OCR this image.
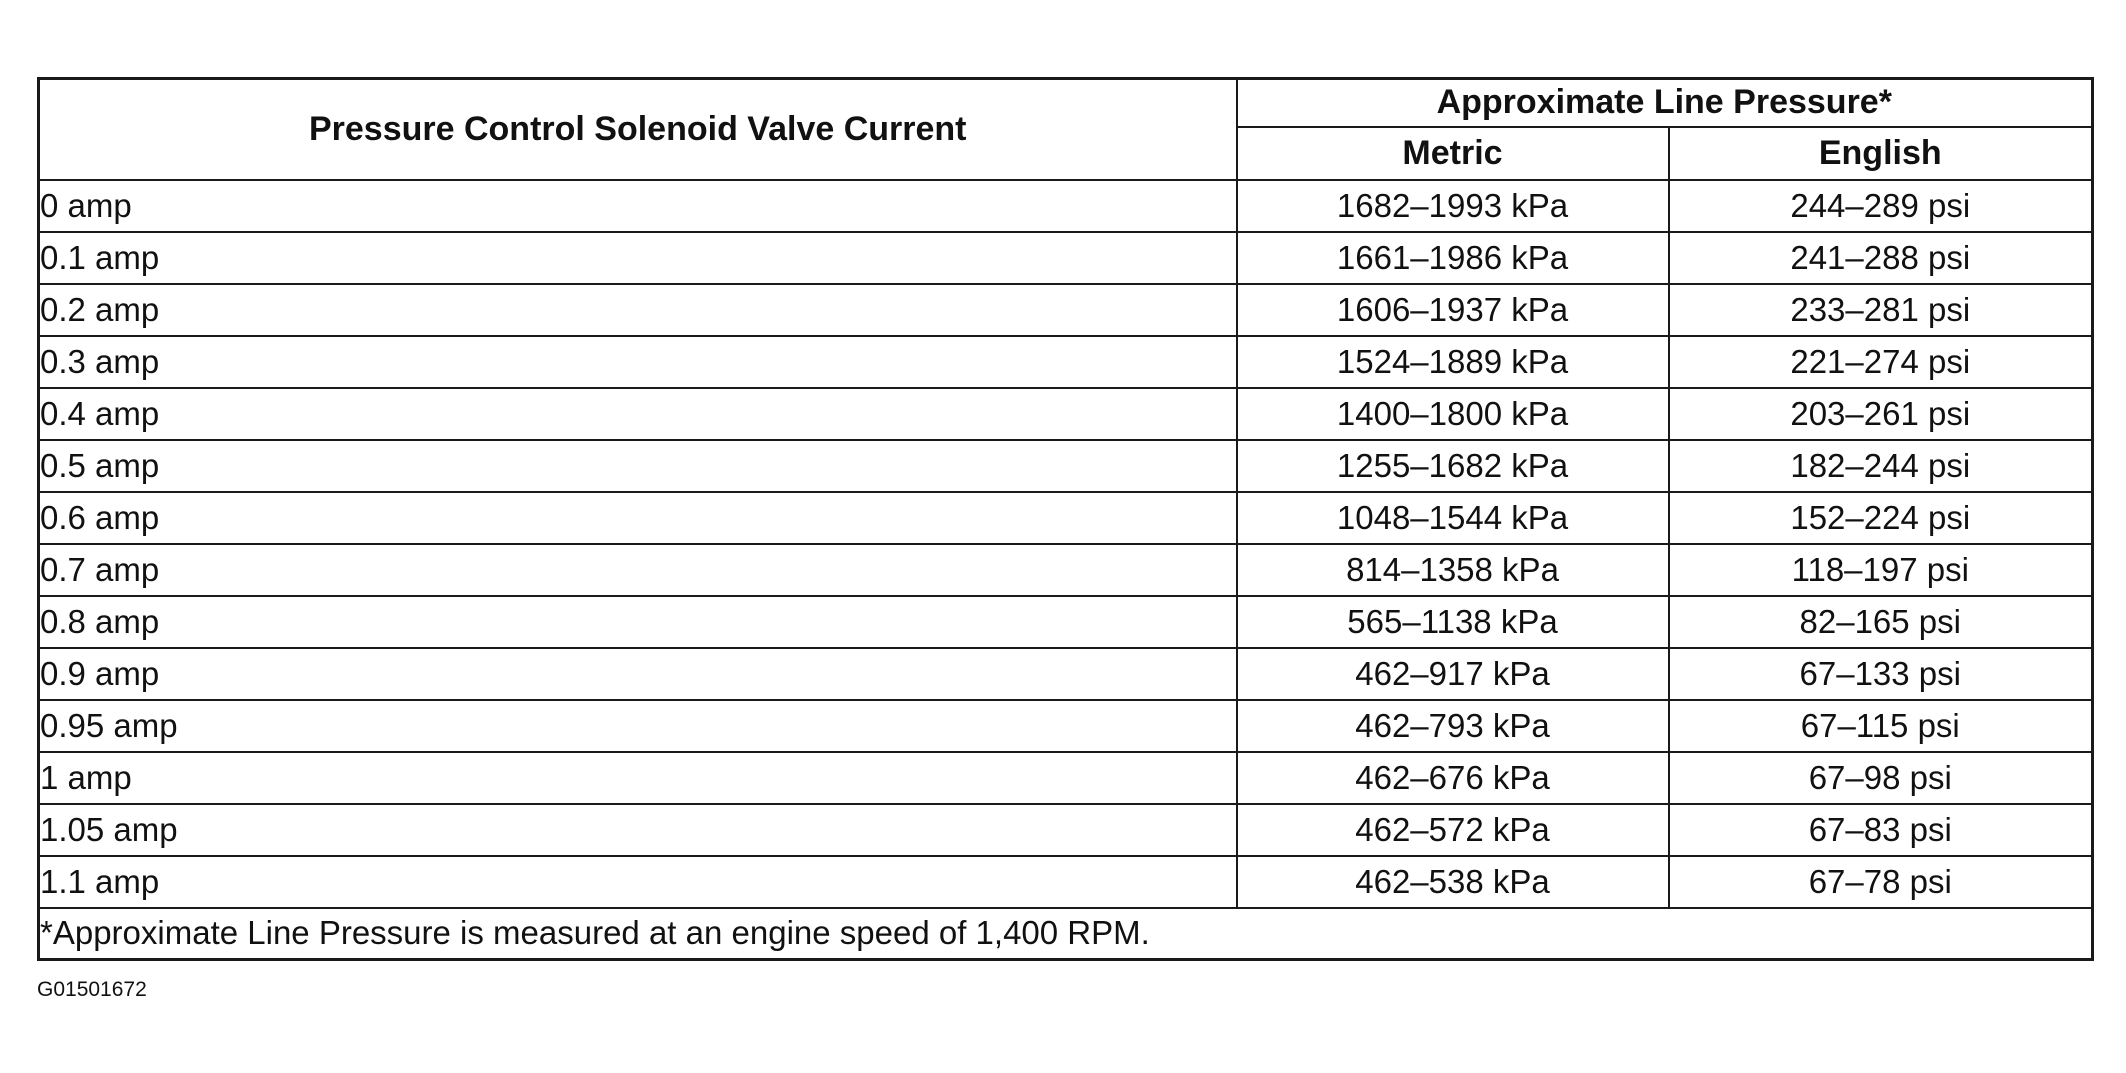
Pressure Control Solenoid Valve Current	Approximate Line Pressure*	
	Metric	English
0 amp	1682–1993 kPa	244–289 psi
0.1 amp	1661–1986 kPa	241–288 psi
0.2 amp	1606–1937 kPa	233–281 psi
0.3 amp	1524–1889 kPa	221–274 psi
0.4 amp	1400–1800 kPa	203–261 psi
0.5 amp	1255–1682 kPa	182–244 psi
0.6 amp	1048–1544 kPa	152–224 psi
0.7 amp	814–1358 kPa	118–197 psi
0.8 amp	565–1138 kPa	82–165 psi
0.9 amp	462–917 kPa	67–133 psi
0.95 amp	462–793 kPa	67–115 psi
1 amp	462–676 kPa	67–98 psi
1.05 amp	462–572 kPa	67–83 psi
1.1 amp	462–538 kPa	67–78 psi
*Approximate Line Pressure is measured at an engine speed of 1,400 RPM.		
G01501672
